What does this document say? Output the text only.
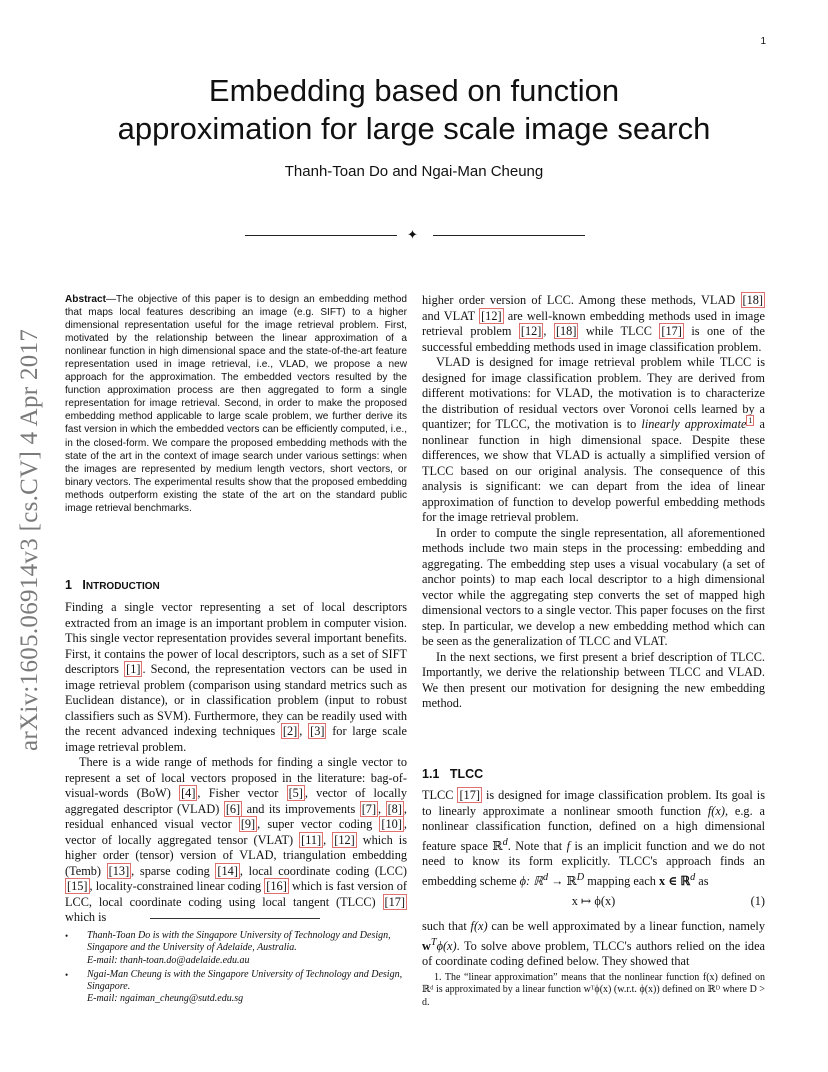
1
Embedding based on function approximation for large scale image search
Thanh-Toan Do and Ngai-Man Cheung
✦
arXiv:1605.06914v3 [cs.CV] 4 Apr 2017
Abstract—The objective of this paper is to design an embedding method that maps local features describing an image (e.g. SIFT) to a higher dimensional representation useful for the image retrieval problem. First, motivated by the relationship between the linear approximation of a nonlinear function in high dimensional space and the state-of-the-art feature representation used in image retrieval, i.e., VLAD, we propose a new approach for the approximation. The embedded vectors resulted by the function approximation process are then aggregated to form a single representation for image retrieval. Second, in order to make the proposed embedding method applicable to large scale problem, we further derive its fast version in which the embedded vectors can be efficiently computed, i.e., in the closed-form. We compare the proposed embedding methods with the state of the art in the context of image search under various settings: when the images are represented by medium length vectors, short vectors, or binary vectors. The experimental results show that the proposed embedding methods outperform existing the state of the art on the standard public image retrieval benchmarks.
1 INTRODUCTION

Finding a single vector representing a set of local descriptors extracted from an image is an important problem in computer vision. This single vector representation provides several important benefits. First, it contains the power of local descriptors, such as a set of SIFT descriptors [1] . Second, the representation vectors can be used in image retrieval problem (comparison using standard metrics such as Euclidean distance), or in classification problem (input to robust classifiers such as SVM). Furthermore, they can be readily used with the recent advanced indexing techniques [2] , [3] for large scale image retrieval problem.

There is a wide range of methods for finding a single vector to represent a set of local vectors proposed in the literature: bag-of-visual-words (BoW) [4] , Fisher vector [5] , vector of locally aggregated descriptor (VLAD) [6] and its improvements [7] , [8] , residual enhanced visual vector [9] , super vector coding [10] , vector of locally aggregated tensor (VLAT) [11] , [12] which is higher order (tensor) version of VLAD, triangulation embedding (Temb) [13] , sparse coding [14] , local coordinate coding (LCC) [15] , locality-constrained linear coding [16] which is fast version of LCC, local coordinate coding using local tangent (TLCC) [17] which is

• Thanh-Toan Do is with the Singapore University of Technology and Design, Singapore and the University of Adelaide, Australia.
E-mail: thanh-toan.do@adelaide.edu.au
• Ngai-Man Cheung is with the Singapore University of Technology and Design, Singapore.
E-mail: ngaiman_cheung@sutd.edu.sg

higher order version of LCC. Among these methods, VLAD [18] and VLAT [12] are well-known embedding methods used in image retrieval problem [12] , [18] while TLCC [17] is one of the successful embedding methods used in image classification problem.

VLAD is designed for image retrieval problem while TLCC is designed for image classification problem. They are derived from different motivations: for VLAD, the motivation is to characterize the distribution of residual vectors over Voronoi cells learned by a quantizer; for TLCC, the motivation is to linearly approximate $^1$ a nonlinear function in high dimensional space. Despite these differences, we show that VLAD is actually a simplified version of TLCC based on our original analysis. The consequence of this analysis is significant: we can depart from the idea of linear approximation of function to develop powerful embedding methods for the image retrieval problem.

In order to compute the single representation, all aforementioned methods include two main steps in the processing: embedding and aggregating. The embedding step uses a visual vocabulary (a set of anchor points) to map each local descriptor to a high dimensional vector while the aggregating step converts the set of mapped high dimensional vectors to a single vector. This paper focuses on the first step. In particular, we develop a new embedding method which can be seen as the generalization of TLCC and VLAT.

In the next sections, we first present a brief description of TLCC. Importantly, we derive the relationship between TLCC and VLAD. We then present our motivation for designing the new embedding method.

1.1 TLCC

TLCC [17] is designed for image classification problem. Its goal is to linearly approximate a nonlinear smooth function f(x), e.g. a nonlinear classification function, defined on a high dimensional feature space ℝ$^d$. Note that f is an implicit function and we do not need to know its form explicitly. TLCC's approach finds an embedding scheme ϕ: ℝ$^d$ → ℝ$^D$ mapping each x ∈ ℝ$^d$ as

x ↦ ϕ(x)	(1)

such that f(x) can be well approximated by a linear function, namely $w^T\phi(x)$. To solve above problem, TLCC's authors relied on the idea of coordinate coding defined below. They showed that

1. The “linear approximation” means that the nonlinear function f(x) defined on ℝᵈ is approximated by a linear function wᵀϕ(x) (w.r.t. ϕ(x)) defined on ℝᴰ where D > d.
